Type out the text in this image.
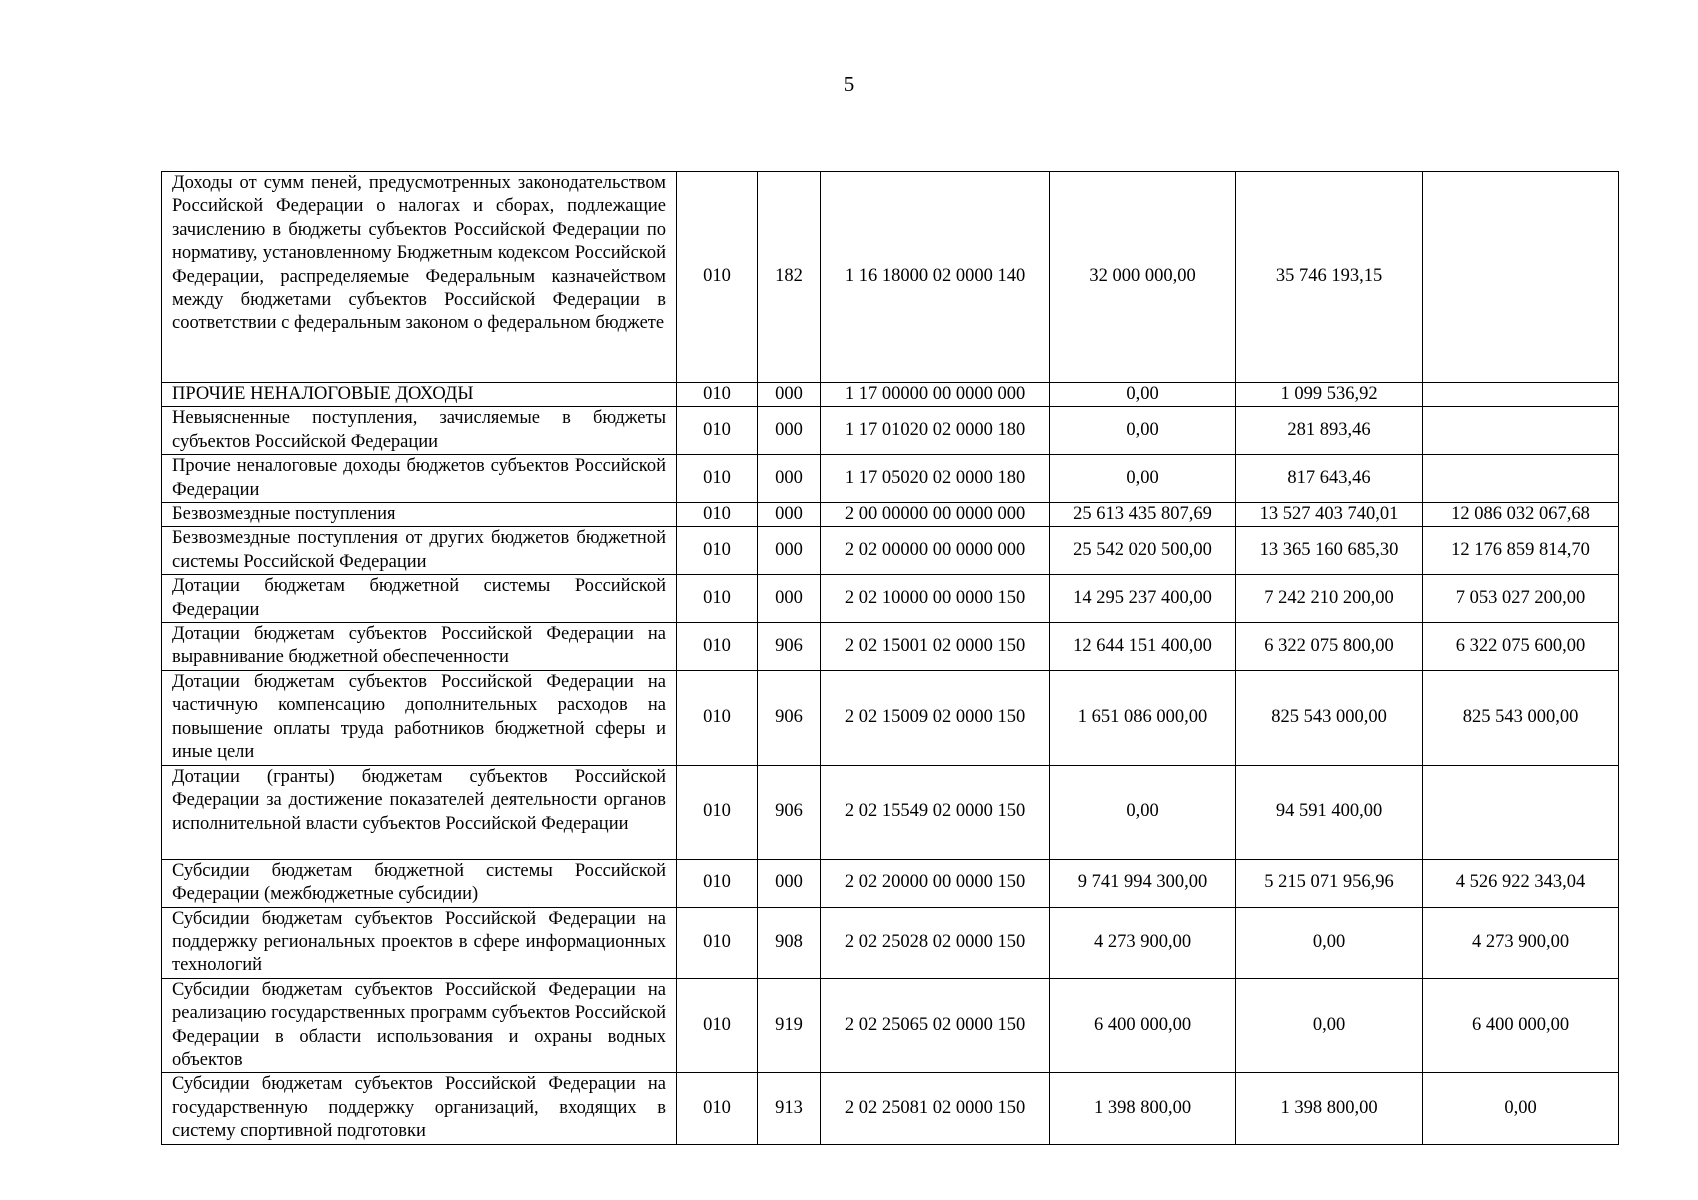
5
Доходы от сумм пеней, предусмотренных законодательством Российской Федерации о налогах и сборах, подлежащие зачислению в бюджеты субъектов Российской Федерации по нормативу, установленному Бюджетным кодексом Российской Федерации, распределяемые Федеральным казначейством между бюджетами субъектов Российской Федерации в соответствии с федеральным законом о федеральном бюджете	010	182	1 16 18000 02 0000 140	32 000 000,00	35 746 193,15	
ПРОЧИЕ НЕНАЛОГОВЫЕ ДОХОДЫ	010	000	1 17 00000 00 0000 000	0,00	1 099 536,92	
Невыясненные поступления, зачисляемые в бюджеты субъектов Российской Федерации	010	000	1 17 01020 02 0000 180	0,00	281 893,46	
Прочие неналоговые доходы бюджетов субъектов Российской Федерации	010	000	1 17 05020 02 0000 180	0,00	817 643,46	
Безвозмездные поступления	010	000	2 00 00000 00 0000 000	25 613 435 807,69	13 527 403 740,01	12 086 032 067,68
Безвозмездные поступления от других бюджетов бюджетной системы Российской Федерации	010	000	2 02 00000 00 0000 000	25 542 020 500,00	13 365 160 685,30	12 176 859 814,70
Дотации бюджетам бюджетной системы Российской Федерации	010	000	2 02 10000 00 0000 150	14 295 237 400,00	7 242 210 200,00	7 053 027 200,00
Дотации бюджетам субъектов Российской Федерации на выравнивание бюджетной обеспеченности	010	906	2 02 15001 02 0000 150	12 644 151 400,00	6 322 075 800,00	6 322 075 600,00
Дотации бюджетам субъектов Российской Федерации на частичную компенсацию дополнительных расходов на повышение оплаты труда работников бюджетной сферы и иные цели	010	906	2 02 15009 02 0000 150	1 651 086 000,00	825 543 000,00	825 543 000,00
Дотации (гранты) бюджетам субъектов Российской Федерации за достижение показателей деятельности органов исполнительной власти субъектов Российской Федерации	010	906	2 02 15549 02 0000 150	0,00	94 591 400,00	
Субсидии бюджетам бюджетной системы Российской Федерации (межбюджетные субсидии)	010	000	2 02 20000 00 0000 150	9 741 994 300,00	5 215 071 956,96	4 526 922 343,04
Субсидии бюджетам субъектов Российской Федерации на поддержку региональных проектов в сфере информационных технологий	010	908	2 02 25028 02 0000 150	4 273 900,00	0,00	4 273 900,00
Субсидии бюджетам субъектов Российской Федерации на реализацию государственных программ субъектов Российской Федерации в области использования и охраны водных объектов	010	919	2 02 25065 02 0000 150	6 400 000,00	0,00	6 400 000,00
Субсидии бюджетам субъектов Российской Федерации на государственную поддержку организаций, входящих в систему спортивной подготовки	010	913	2 02 25081 02 0000 150	1 398 800,00	1 398 800,00	0,00
